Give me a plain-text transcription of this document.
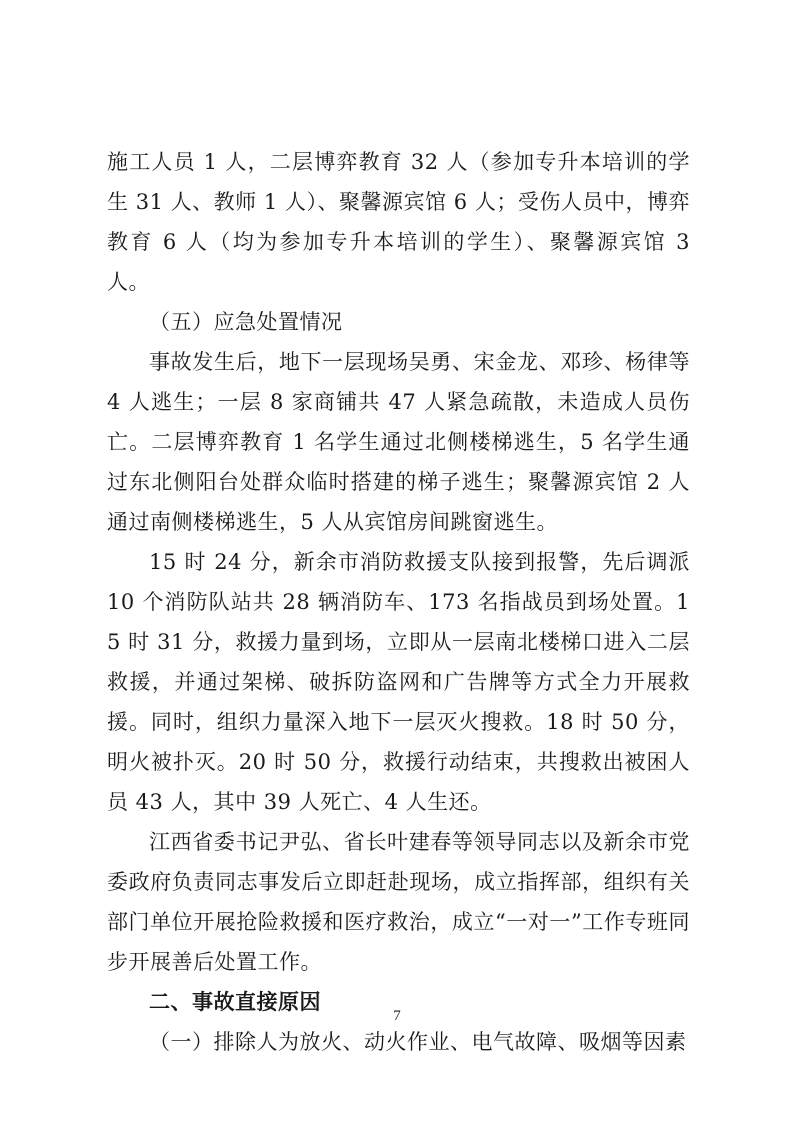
施工人员 1 人，二层博弈教育 32 人（参加专升本培训的学生 31 人、教师 1 人）、聚馨源宾馆 6 人；受伤人员中，博弈教育 6 人（均为参加专升本培训的学生）、聚馨源宾馆 3 人。

（五）应急处置情况

事故发生后，地下一层现场吴勇、宋金龙、邓珍、杨律等 4 人逃生；一层 8 家商铺共 47 人紧急疏散，未造成人员伤亡。二层博弈教育 1 名学生通过北侧楼梯逃生，5 名学生通过东北侧阳台处群众临时搭建的梯子逃生；聚馨源宾馆 2 人通过南侧楼梯逃生，5 人从宾馆房间跳窗逃生。

15 时 24 分，新余市消防救援支队接到报警，先后调派 10 个消防队站共 28 辆消防车、173 名指战员到场处置。15 时 31 分，救援力量到场，立即从一层南北楼梯口进入二层救援，并通过架梯、破拆防盗网和广告牌等方式全力开展救援。同时，组织力量深入地下一层灭火搜救。18 时 50 分，明火被扑灭。20 时 50 分，救援行动结束，共搜救出被困人员 43 人，其中 39 人死亡、4 人生还。

江西省委书记尹弘、省长叶建春等领导同志以及新余市党委政府负责同志事发后立即赶赴现场，成立指挥部，组织有关部门单位开展抢险救援和医疗救治，成立“一对一”工作专班同步开展善后处置工作。

二、事故直接原因

（一）排除人为放火、动火作业、电气故障、吸烟等因素

7
